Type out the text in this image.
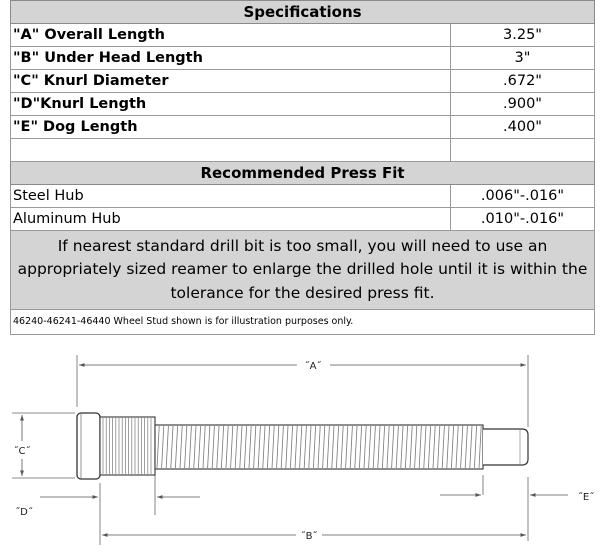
Specifications	
"A" Overall Length	3.25"
"B" Under Head Length	3"
"C" Knurl Diameter	.672"
"D"Knurl Length	.900"
"E" Dog Length	.400"

Recommended Press Fit	
Steel Hub	.006"-.016"
Aluminum Hub	.010"-.016"
If nearest standard drill bit is too small, you will need to use an appropriately sized reamer to enlarge the drilled hole until it is within the tolerance for the desired press fit.	
46240-46241-46440 Wheel Stud shown is for illustration purposes only.	
˝A˝
˝B˝
˝C˝
˝D˝
˝E˝
